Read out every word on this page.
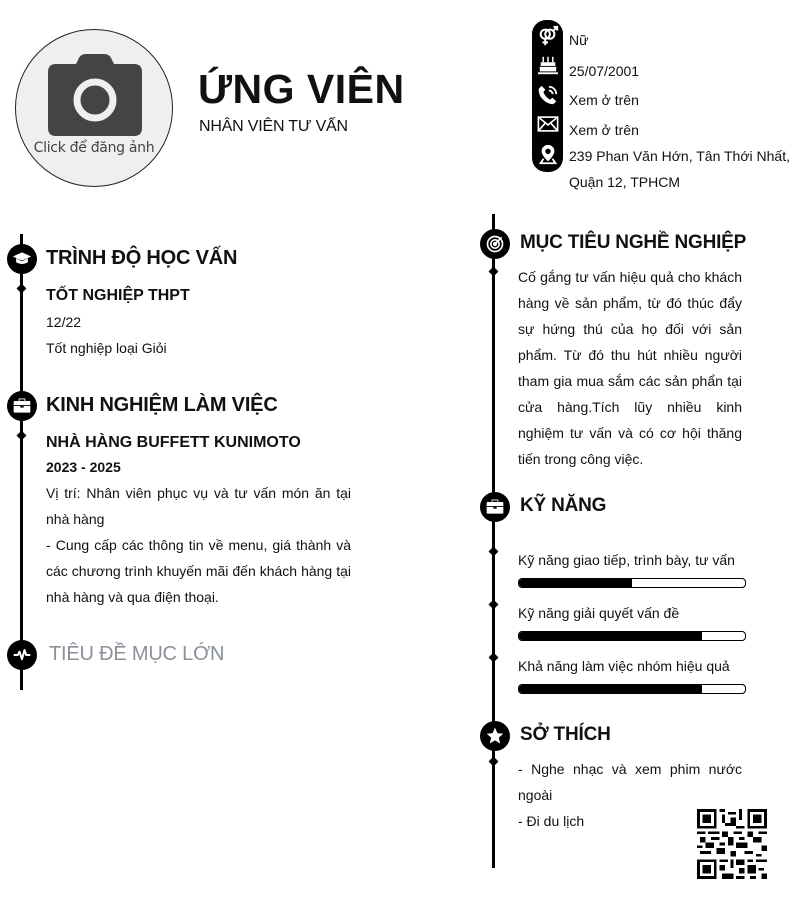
Click để đăng ảnh
ỨNG VIÊN
NHÂN VIÊN TƯ VẤN
Nữ
25/07/2001
Xem ở trên
Xem ở trên
239 Phan Văn Hớn, Tân Thới Nhất,
Quận 12, TPHCM
TRÌNH ĐỘ HỌC VẤN
TỐT NGHIỆP THPT
12/22
Tốt nghiệp loại Giỏi
KINH NGHIỆM LÀM VIỆC
NHÀ HÀNG BUFFETT KUNIMOTO
2023 - 2025
Vị trí: Nhân viên phục vụ và tư vấn món ăn tại nhà hàng
- Cung cấp các thông tin về menu, giá thành và các chương trình khuyến mãi đến khách hàng tại nhà hàng và qua điện thoại.
TIÊU ĐỀ MỤC LỚN
MỤC TIÊU NGHỀ NGHIỆP
Cố gắng tư vấn hiệu quả cho khách hàng về sản phẩm, từ đó thúc đẩy sự hứng thú của họ đối với sản phẩm. Từ đó thu hút nhiều người tham gia mua sắm các sản phẩn tại cửa hàng.Tích lũy nhiều kinh nghiệm tư vấn và có cơ hội thăng tiến trong công việc.
KỸ NĂNG
Kỹ năng giao tiếp, trình bày, tư vấn
Kỹ năng giải quyết vấn đề
Khả năng làm việc nhóm hiệu quả
SỞ THÍCH
- Nghe nhạc và xem phim nước ngoài
- Đi du lịch
